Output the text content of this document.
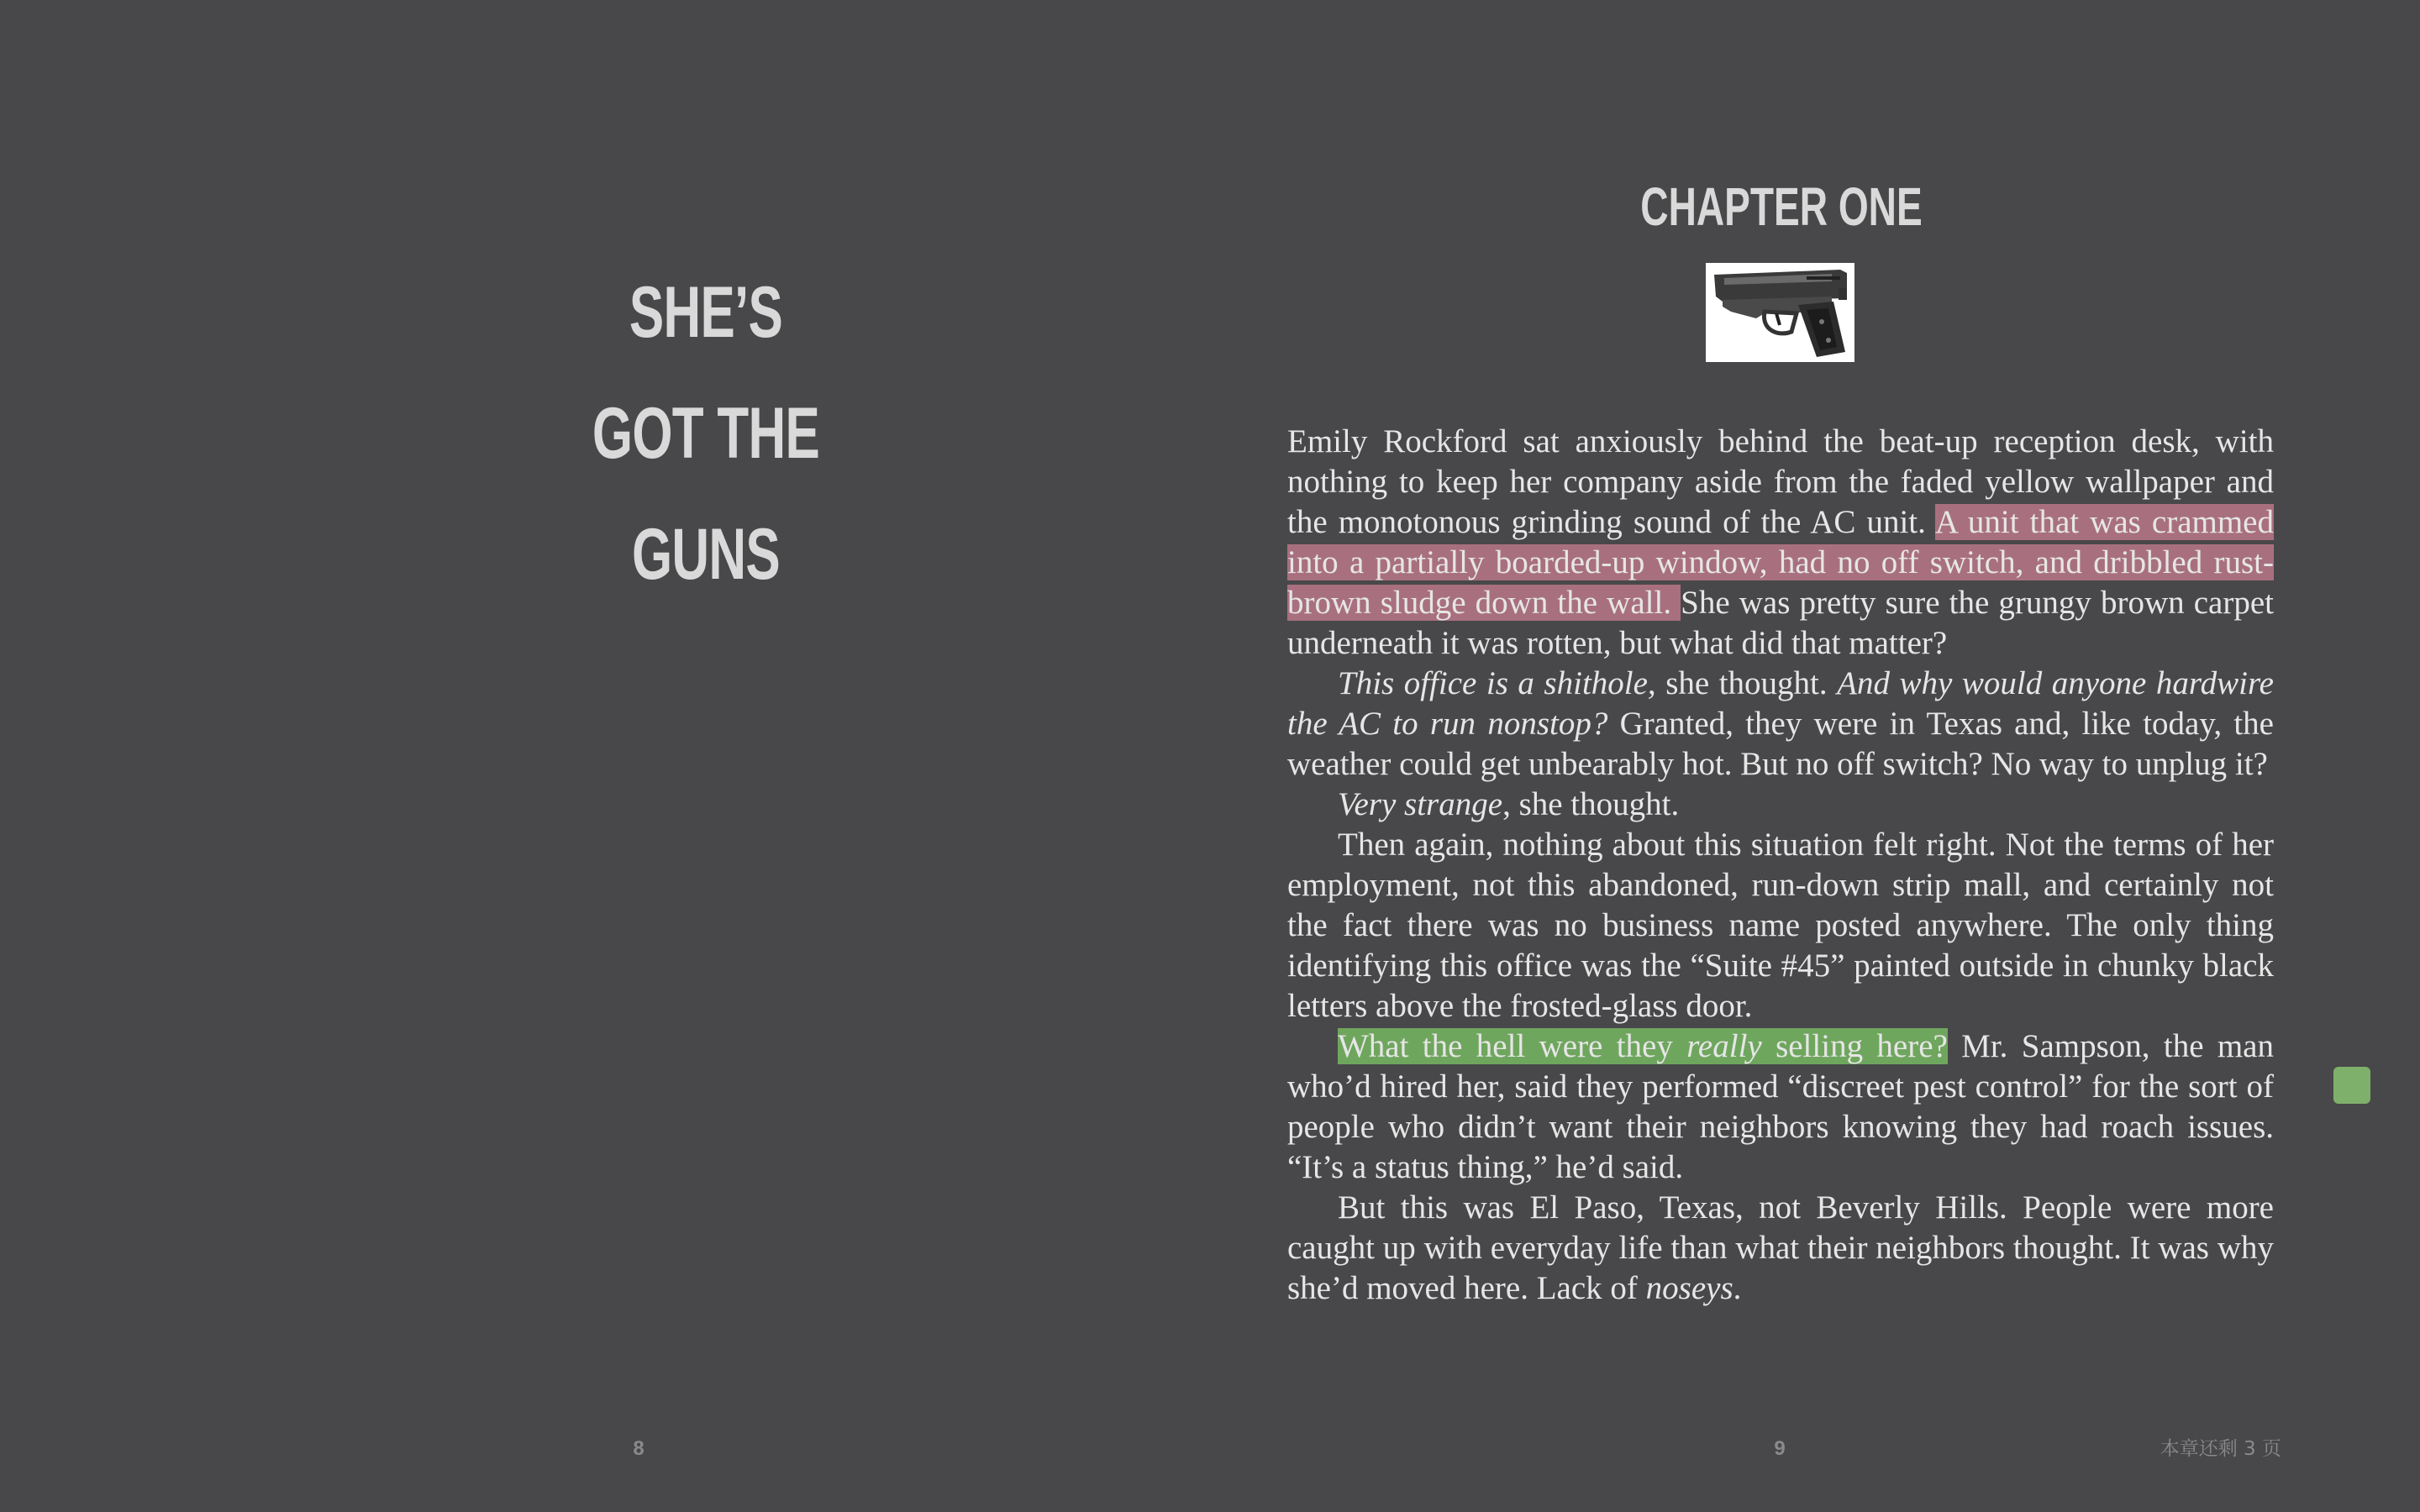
SHE’S
GOT THE
GUNS
CHAPTER ONE

Emily Rockford sat anxiously behind the beat-up reception desk, with nothing to keep her company aside from the faded yellow wallpaper and the monotonous grinding sound of the AC unit. A unit that was crammed into a partially boarded-up window, had no off switch, and dribbled rust-brown sludge down the wall. She was pretty sure the grungy brown carpet underneath it was rotten, but what did that matter?

This office is a shithole, she thought. And why would anyone hardwire the AC to run nonstop? Granted, they were in Texas and, like today, the weather could get unbearably hot. But no off switch? No way to unplug it?

Very strange, she thought.

Then again, nothing about this situation felt right. Not the terms of her employment, not this abandoned, run-down strip mall, and certainly not the fact there was no business name posted anywhere. The only thing identifying this office was the “Suite #45” painted outside in chunky black letters above the frosted-glass door.

What the hell were they really selling here? Mr. Sampson, the man who’d hired her, said they performed “discreet pest control” for the sort of people who didn’t want their neighbors knowing they had roach issues. “It’s a status thing,” he’d said.

But this was El Paso, Texas, not Beverly Hills. People were more caught up with everyday life than what their neighbors thought. It was why she’d moved here. Lack of noseys.

8	9	本章还剩 3 页
